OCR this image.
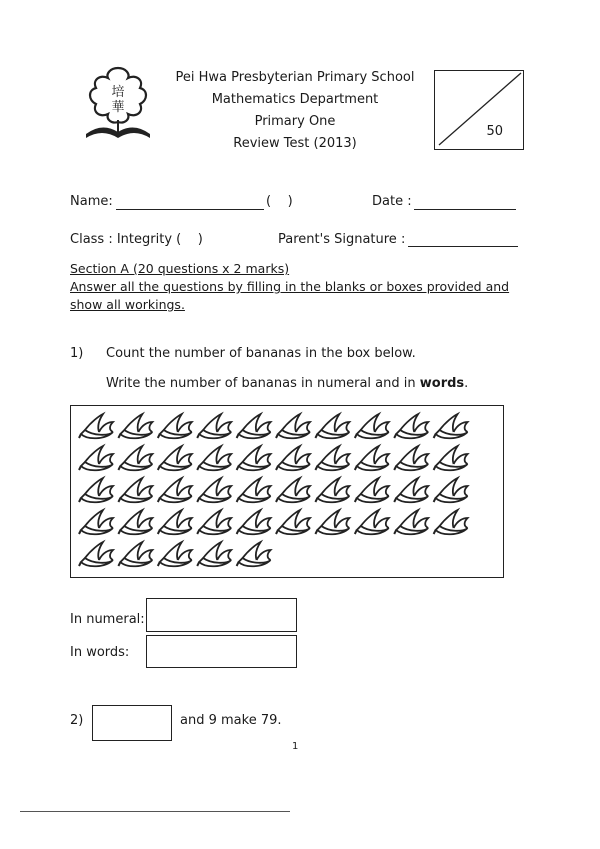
培
華
Pei Hwa Presbyterian Primary School
Mathematics Department
Primary One
Review Test (2013)
50
Name:	(    )	Date :
Class : Integrity (    )	Parent's Signature :
Section A (20 questions x 2 marks)
Answer all the questions by filling in the blanks or boxes provided and
show all workings.
1) Count the number of bananas in the box below.
Write the number of bananas in numeral and in words.
In numeral:
In words:
2)	and 9 make 79.
1
